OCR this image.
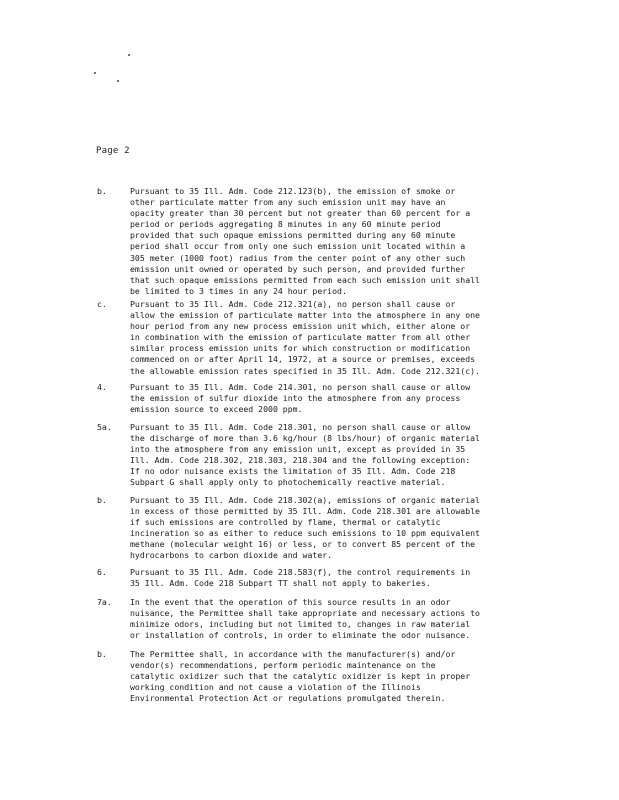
Page 2
b.	Pursuant to 35 Ill. Adm. Code 212.123(b), the emission of smoke or
other particulate matter from any such emission unit may have an
opacity greater than 30 percent but not greater than 60 percent for a
period or periods aggregating 8 minutes in any 60 minute period
provided that such opaque emissions permitted during any 60 minute
period shall occur from only one such emission unit located within a
305 meter (1000 foot) radius from the center point of any other such
emission unit owned or operated by such person, and provided further
that such opaque emissions permitted from each such emission unit shall
be limited to 3 times in any 24 hour period.
c.	Pursuant to 35 Ill. Adm. Code 212.321(a), no person shall cause or
allow the emission of particulate matter into the atmosphere in any one
hour period from any new process emission unit which, either alone or
in combination with the emission of particulate matter from all other
similar process emission units for which construction or modification
commenced on or after April 14, 1972, at a source or premises, exceeds
the allowable emission rates specified in 35 Ill. Adm. Code 212.321(c).
4.	Pursuant to 35 Ill. Adm. Code 214.301, no person shall cause or allow
the emission of sulfur dioxide into the atmosphere from any process
emission source to exceed 2000 ppm.
5a. Pursuant to 35 Ill. Adm. Code 218.301, no person shall cause or allow
the discharge of more than 3.6 kg/hour (8 lbs/hour) of organic material
into the atmosphere from any emission unit, except as provided in 35
Ill. Adm. Code 218.302, 218.303, 218.304 and the following exception:
If no odor nuisance exists the limitation of 35 Ill. Adm. Code 218
Subpart G shall apply only to photochemically reactive material.
b.	Pursuant to 35 Ill. Adm. Code 218.302(a), emissions of organic material
in excess of those permitted by 35 Ill. Adm. Code 218.301 are allowable
if such emissions are controlled by flame, thermal or catalytic
incineration so as either to reduce such emissions to 10 ppm equivalent
methane (molecular weight 16) or less, or to convert 85 percent of the
hydrocarbons to carbon dioxide and water.
6.	Pursuant to 35 Ill. Adm. Code 218.583(f), the control requirements in
35 Ill. Adm. Code 218 Subpart TT shall not apply to bakeries.
7a. In the event that the operation of this source results in an odor
nuisance, the Permittee shall take appropriate and necessary actions to
minimize odors, including but not limited to, changes in raw material
or installation of controls, in order to eliminate the odor nuisance.
b.	The Permittee shall, in accordance with the manufacturer(s) and/or
vendor(s) recommendations, perform periodic maintenance on the
catalytic oxidizer such that the catalytic oxidizer is kept in proper
working condition and not cause a violation of the Illinois
Environmental Protection Act or regulations promulgated therein.
